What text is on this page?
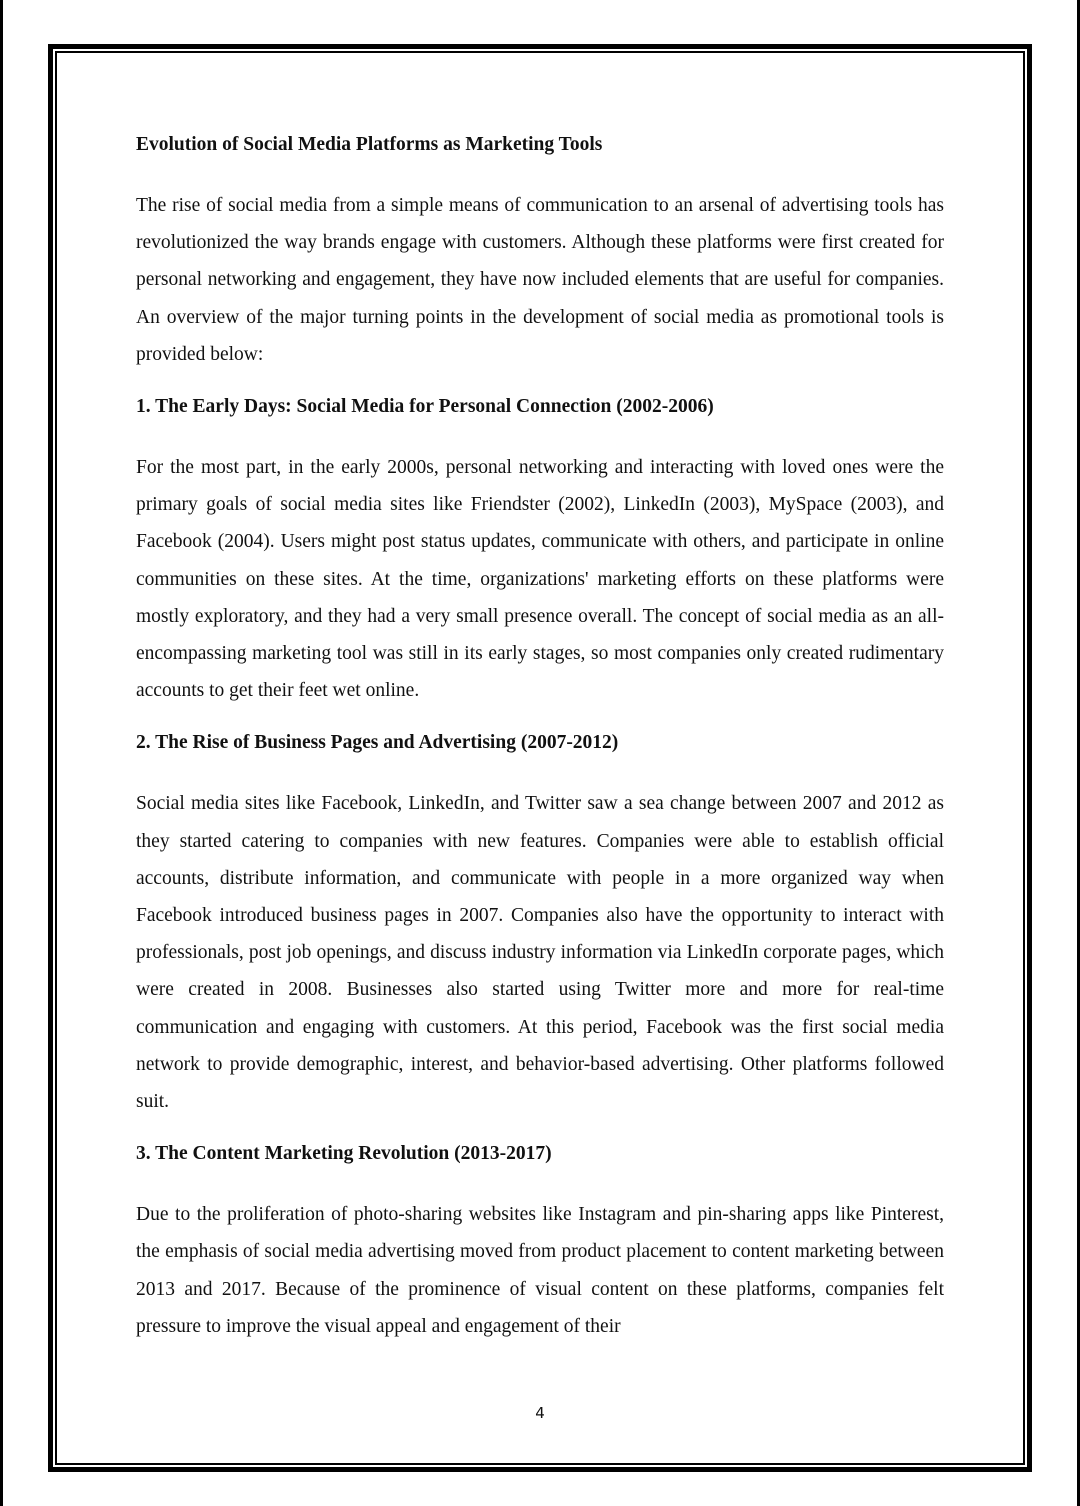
Evolution of Social Media Platforms as Marketing Tools

The rise of social media from a simple means of communication to an arsenal of advertising tools has revolutionized the way brands engage with customers. Although these platforms were first created for personal networking and engagement, they have now included elements that are useful for companies. An overview of the major turning points in the development of social media as promotional tools is provided below:

1. The Early Days: Social Media for Personal Connection (2002-2006)

For the most part, in the early 2000s, personal networking and interacting with loved ones were the primary goals of social media sites like Friendster (2002), LinkedIn (2003), MySpace (2003), and Facebook (2004). Users might post status updates, communicate with others, and participate in online communities on these sites. At the time, organizations' marketing efforts on these platforms were mostly exploratory, and they had a very small presence overall. The concept of social media as an all-encompassing marketing tool was still in its early stages, so most companies only created rudimentary accounts to get their feet wet online.

2. The Rise of Business Pages and Advertising (2007-2012)

Social media sites like Facebook, LinkedIn, and Twitter saw a sea change between 2007 and 2012 as they started catering to companies with new features. Companies were able to establish official accounts, distribute information, and communicate with people in a more organized way when Facebook introduced business pages in 2007. Companies also have the opportunity to interact with professionals, post job openings, and discuss industry information via LinkedIn corporate pages, which were created in 2008. Businesses also started using Twitter more and more for real-time communication and engaging with customers. At this period, Facebook was the first social media network to provide demographic, interest, and behavior-based advertising. Other platforms followed suit.

3. The Content Marketing Revolution (2013-2017)

Due to the proliferation of photo-sharing websites like Instagram and pin-sharing apps like Pinterest, the emphasis of social media advertising moved from product placement to content marketing between 2013 and 2017. Because of the prominence of visual content on these platforms, companies felt pressure to improve the visual appeal and engagement of their

4
